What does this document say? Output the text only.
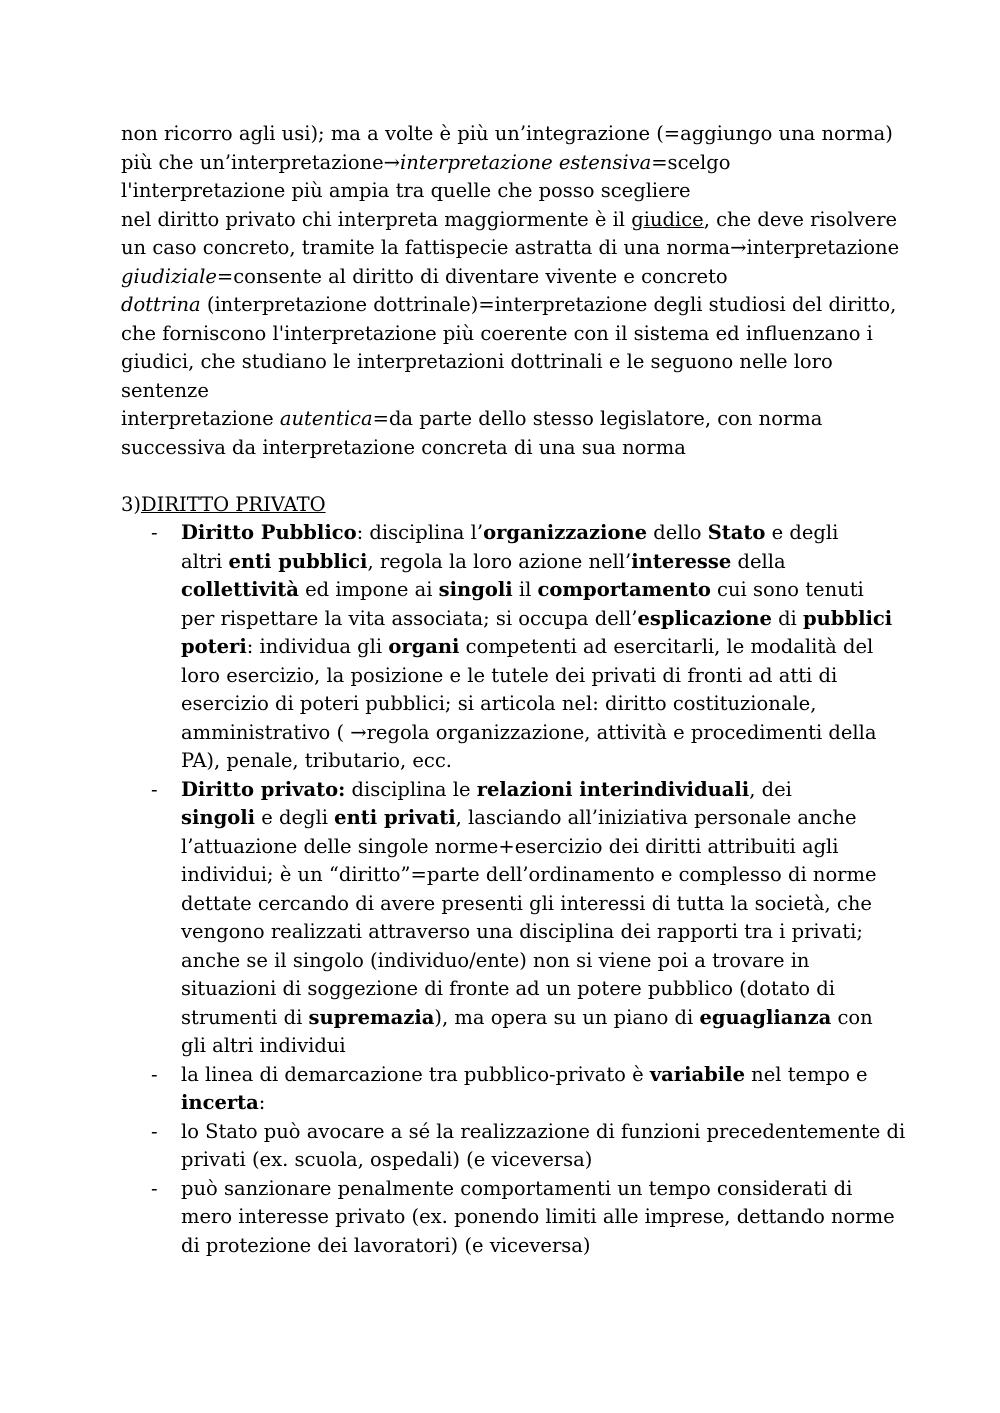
non ricorro agli usi); ma a volte è più un’integrazione (=aggiungo una norma)
più che un’interpretazione→interpretazione estensiva=scelgo
l'interpretazione più ampia tra quelle che posso scegliere
nel diritto privato chi interpreta maggiormente è il giudice, che deve risolvere
un caso concreto, tramite la fattispecie astratta di una norma→interpretazione
giudiziale=consente al diritto di diventare vivente e concreto
dottrina (interpretazione dottrinale)=interpretazione degli studiosi del diritto,
che forniscono l'interpretazione più coerente con il sistema ed influenzano i
giudici, che studiano le interpretazioni dottrinali e le seguono nelle loro
sentenze
interpretazione autentica=da parte dello stesso legislatore, con norma
successiva da interpretazione concreta di una sua norma
3)DIRITTO PRIVATO
- Diritto Pubblico: disciplina l’organizzazione dello Stato e degli
altri enti pubblici, regola la loro azione nell’interesse della
collettività ed impone ai singoli il comportamento cui sono tenuti
per rispettare la vita associata; si occupa dell’esplicazione di pubblici
poteri: individua gli organi competenti ad esercitarli, le modalità del
loro esercizio, la posizione e le tutele dei privati di fronti ad atti di
esercizio di poteri pubblici; si articola nel: diritto costituzionale,
amministrativo ( →regola organizzazione, attività e procedimenti della
PA), penale, tributario, ecc.
- Diritto privato: disciplina le relazioni interindividuali, dei
singoli e degli enti privati, lasciando all’iniziativa personale anche
l’attuazione delle singole norme+esercizio dei diritti attribuiti agli
individui; è un “diritto”=parte dell’ordinamento e complesso di norme
dettate cercando di avere presenti gli interessi di tutta la società, che
vengono realizzati attraverso una disciplina dei rapporti tra i privati;
anche se il singolo (individuo/ente) non si viene poi a trovare in
situazioni di soggezione di fronte ad un potere pubblico (dotato di
strumenti di supremazia), ma opera su un piano di eguaglianza con
gli altri individui
- la linea di demarcazione tra pubblico-privato è variabile nel tempo e
incerta:
- lo Stato può avocare a sé la realizzazione di funzioni precedentemente di
privati (ex. scuola, ospedali) (e viceversa)
- può sanzionare penalmente comportamenti un tempo considerati di
mero interesse privato (ex. ponendo limiti alle imprese, dettando norme
di protezione dei lavoratori) (e viceversa)
